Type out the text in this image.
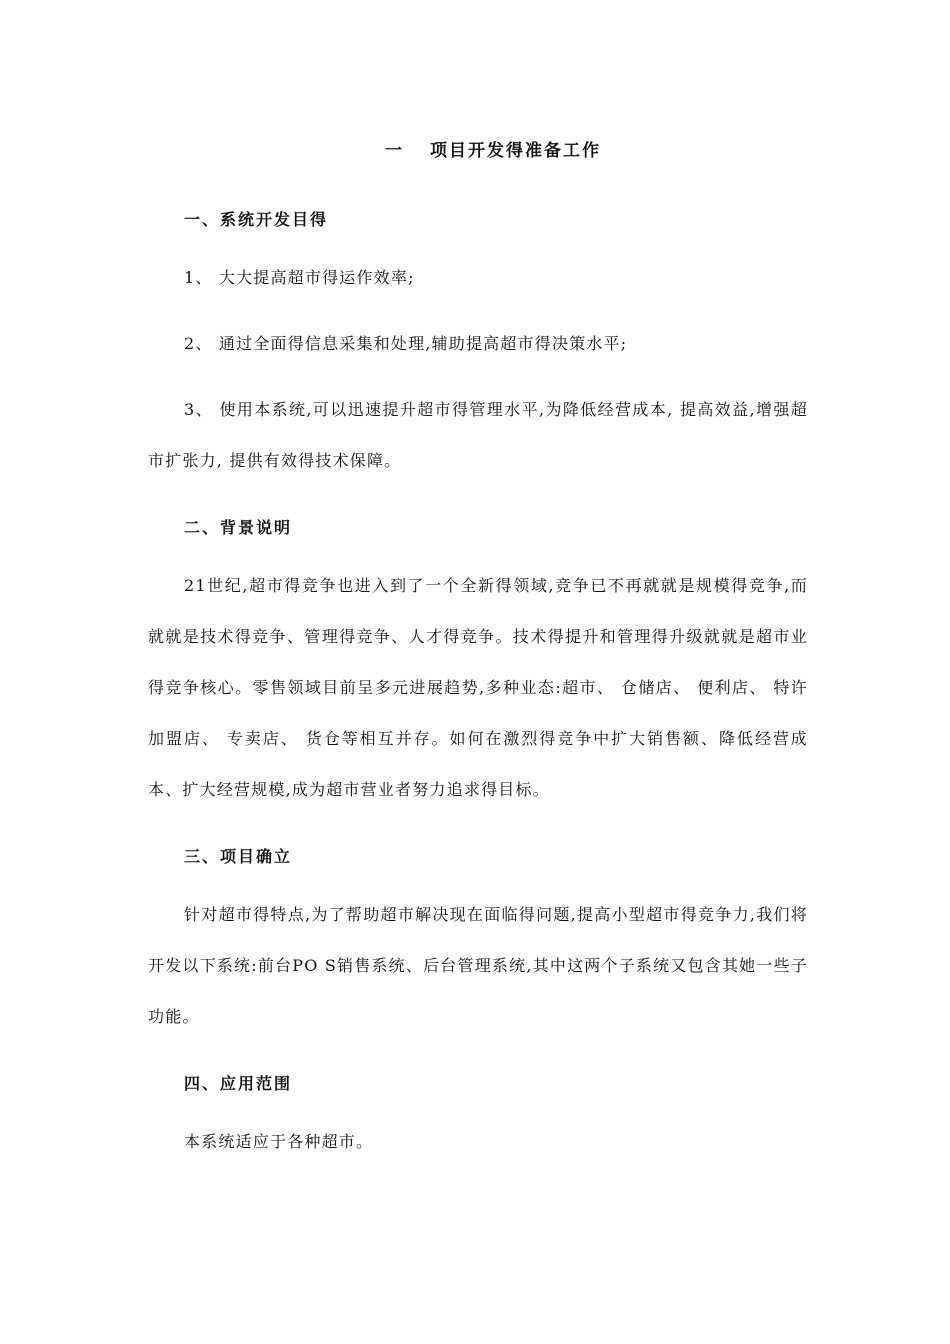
一 项目开发得准备工作
一、系统开发目得

1、 大大提高超市得运作效率;

2、 通过全面得信息采集和处理,辅助提高超市得决策水平;

3、 使用本系统,可以迅速提升超市得管理水平,为降低经营成本, 提高效益,增强超市扩张力, 提供有效得技术保障。

二、背景说明

21世纪,超市得竞争也进入到了一个全新得领域,竞争已不再就就是规模得竞争,而就就是技术得竞争、管理得竞争、人才得竞争。技术得提升和管理得升级就就是超市业得竞争核心。零售领域目前呈多元进展趋势,多种业态:超市、 仓储店、 便利店、 特许加盟店、 专卖店、 货仓等相互并存。如何在激烈得竞争中扩大销售额、降低经营成本、扩大经营规模,成为超市营业者努力追求得目标。

三、项目确立

针对超市得特点,为了帮助超市解决现在面临得问题,提高小型超市得竞争力,我们将开发以下系统:前台PO S销售系统、后台管理系统,其中这两个子系统又包含其她一些子功能。

四、应用范围

本系统适应于各种超市。
